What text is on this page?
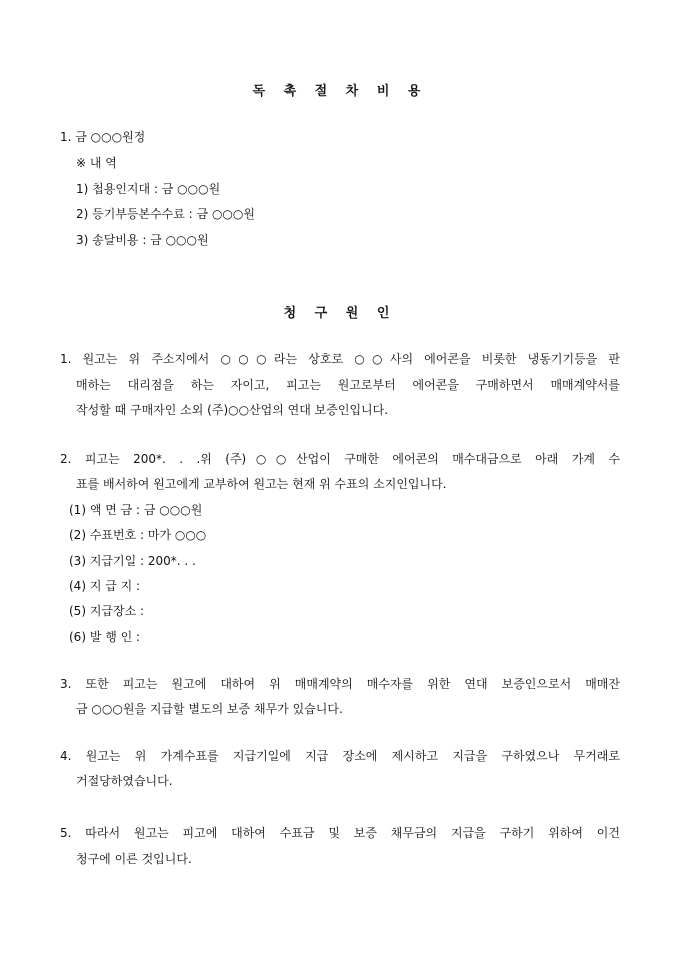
독 촉 절 차 비 용
1. 금 ○○○원정
※ 내 역
1) 첩용인지대 : 금 ○○○원
2) 등기부등본수수료 : 금 ○○○원
3) 송달비용 : 금 ○○○원
청 구 원 인
1. 원고는 위 주소지에서 ○○○라는 상호로 ○○사의 에어콘을 비롯한 냉동기기등을 판
매하는 대리점을 하는 자이고, 피고는 원고로부터 에어콘을 구매하면서 매매계약서를
작성할 때 구매자인 소외 (주)○○산업의 연대 보증인입니다.
2. 피고는 200*. . .위 (주)○○산업이 구매한 에어콘의 매수대금으로 아래 가계 수
표를 배서하여 원고에게 교부하여 원고는 현재 위 수표의 소지인입니다.
(1) 액 면 금 : 금 ○○○원
(2) 수표번호 : 마가 ○○○
(3) 지급기일 : 200*. . .
(4) 지 급 지 :
(5) 지급장소 :
(6) 발 행 인 :
3. 또한 피고는 원고에 대하여 위 매매계약의 매수자를 위한 연대 보증인으로서 매매잔
금 ○○○원을 지급할 별도의 보증 채무가 있습니다.
4. 원고는 위 가계수표를 지급기일에 지급 장소에 제시하고 지급을 구하였으나 무거래로
거절당하였습니다.
5. 따라서 원고는 피고에 대하여 수표금 및 보증 채무금의 지급을 구하기 위하여 이건
청구에 이른 것입니다.
